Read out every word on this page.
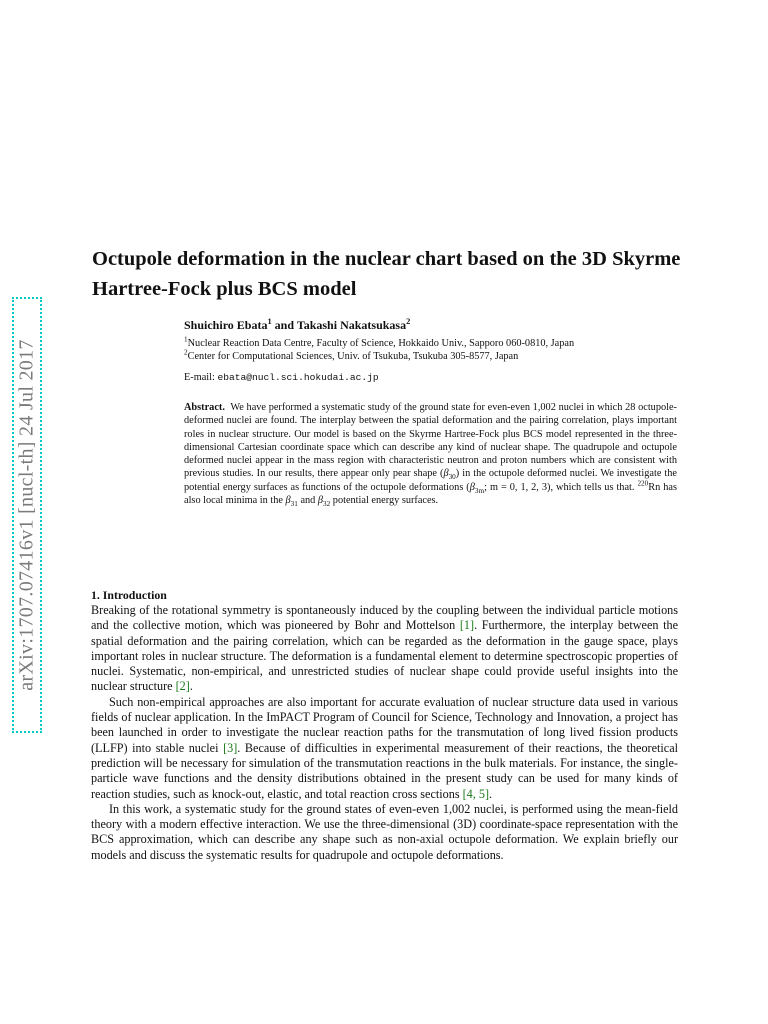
arXiv:1707.07416v1 [nucl-th] 24 Jul 2017
Octupole deformation in the nuclear chart based on the 3D Skyrme Hartree-Fock plus BCS model

Shuichiro Ebata$^1$ and Takashi Nakatsukasa$^2$

$^1$Nuclear Reaction Data Centre, Faculty of Science, Hokkaido Univ., Sapporo 060-0810, Japan

$^2$Center for Computational Sciences, Univ. of Tsukuba, Tsukuba 305-8577, Japan

E-mail: ebata@nucl.sci.hokudai.ac.jp

Abstract. We have performed a systematic study of the ground state for even-even 1,002 nuclei in which 28 octupole-deformed nuclei are found. The interplay between the spatial deformation and the pairing correlation, plays important roles in nuclear structure. Our model is based on the Skyrme Hartree-Fock plus BCS model represented in the three-dimensional Cartesian coordinate space which can describe any kind of nuclear shape. The quadrupole and octupole deformed nuclei appear in the mass region with characteristic neutron and proton numbers which are consistent with previous studies. In our results, there appear only pear shape $(\beta_{30})$ in the octupole deformed nuclei. We investigate the potential energy surfaces as functions of the octupole deformations ($\beta_{3m}$; m = 0, 1, 2, 3), which tells us that. $^{220}$Rn has also local minima in the $\beta_{31}$ and $\beta_{32}$ potential energy surfaces.

1. Introduction

Breaking of the rotational symmetry is spontaneously induced by the coupling between the individual particle motions and the collective motion, which was pioneered by Bohr and Mottelson [1]. Furthermore, the interplay between the spatial deformation and the pairing correlation, which can be regarded as the deformation in the gauge space, plays important roles in nuclear structure. The deformation is a fundamental element to determine spectroscopic properties of nuclei. Systematic, non-empirical, and unrestricted studies of nuclear shape could provide useful insights into the nuclear structure [2].

Such non-empirical approaches are also important for accurate evaluation of nuclear structure data used in various fields of nuclear application. In the ImPACT Program of Council for Science, Technology and Innovation, a project has been launched in order to investigate the nuclear reaction paths for the transmutation of long lived fission products (LLFP) into stable nuclei [3]. Because of difficulties in experimental measurement of their reactions, the theoretical prediction will be necessary for simulation of the transmutation reactions in the bulk materials. For instance, the single-particle wave functions and the density distributions obtained in the present study can be used for many kinds of reaction studies, such as knock-out, elastic, and total reaction cross sections [4, 5].

In this work, a systematic study for the ground states of even-even 1,002 nuclei, is performed using the mean-field theory with a modern effective interaction. We use the three-dimensional (3D) coordinate-space representation with the BCS approximation, which can describe any shape such as non-axial octupole deformation. We explain briefly our models and discuss the systematic results for quadrupole and octupole deformations.
